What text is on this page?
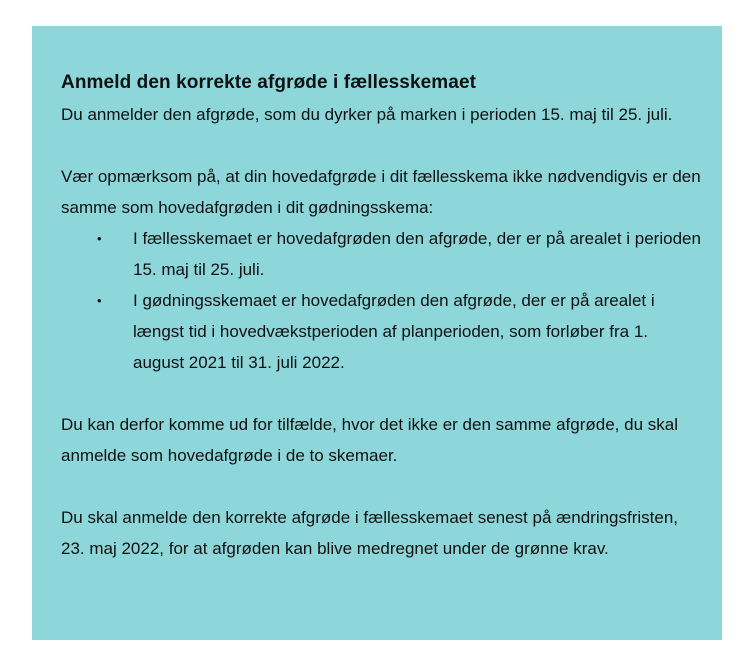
Anmeld den korrekte afgrøde i fællesskemaet

Du anmelder den afgrøde, som du dyrker på marken i perioden 15. maj til 25. juli.

Vær opmærksom på, at din hovedafgrøde i dit fællesskema ikke nødvendigvis er den samme som hovedafgrøden i dit gødningsskema:

• I fællesskemaet er hovedafgrøden den afgrøde, der er på arealet i perioden 15. maj til 25. juli.
• I gødningsskemaet er hovedafgrøden den afgrøde, der er på arealet i længst tid i hovedvækstperioden af planperioden, som forløber fra 1. august 2021 til 31. juli 2022.

Du kan derfor komme ud for tilfælde, hvor det ikke er den samme afgrøde, du skal anmelde som hovedafgrøde i de to skemaer.

Du skal anmelde den korrekte afgrøde i fællesskemaet senest på ændringsfristen, 23. maj 2022, for at afgrøden kan blive medregnet under de grønne krav.
